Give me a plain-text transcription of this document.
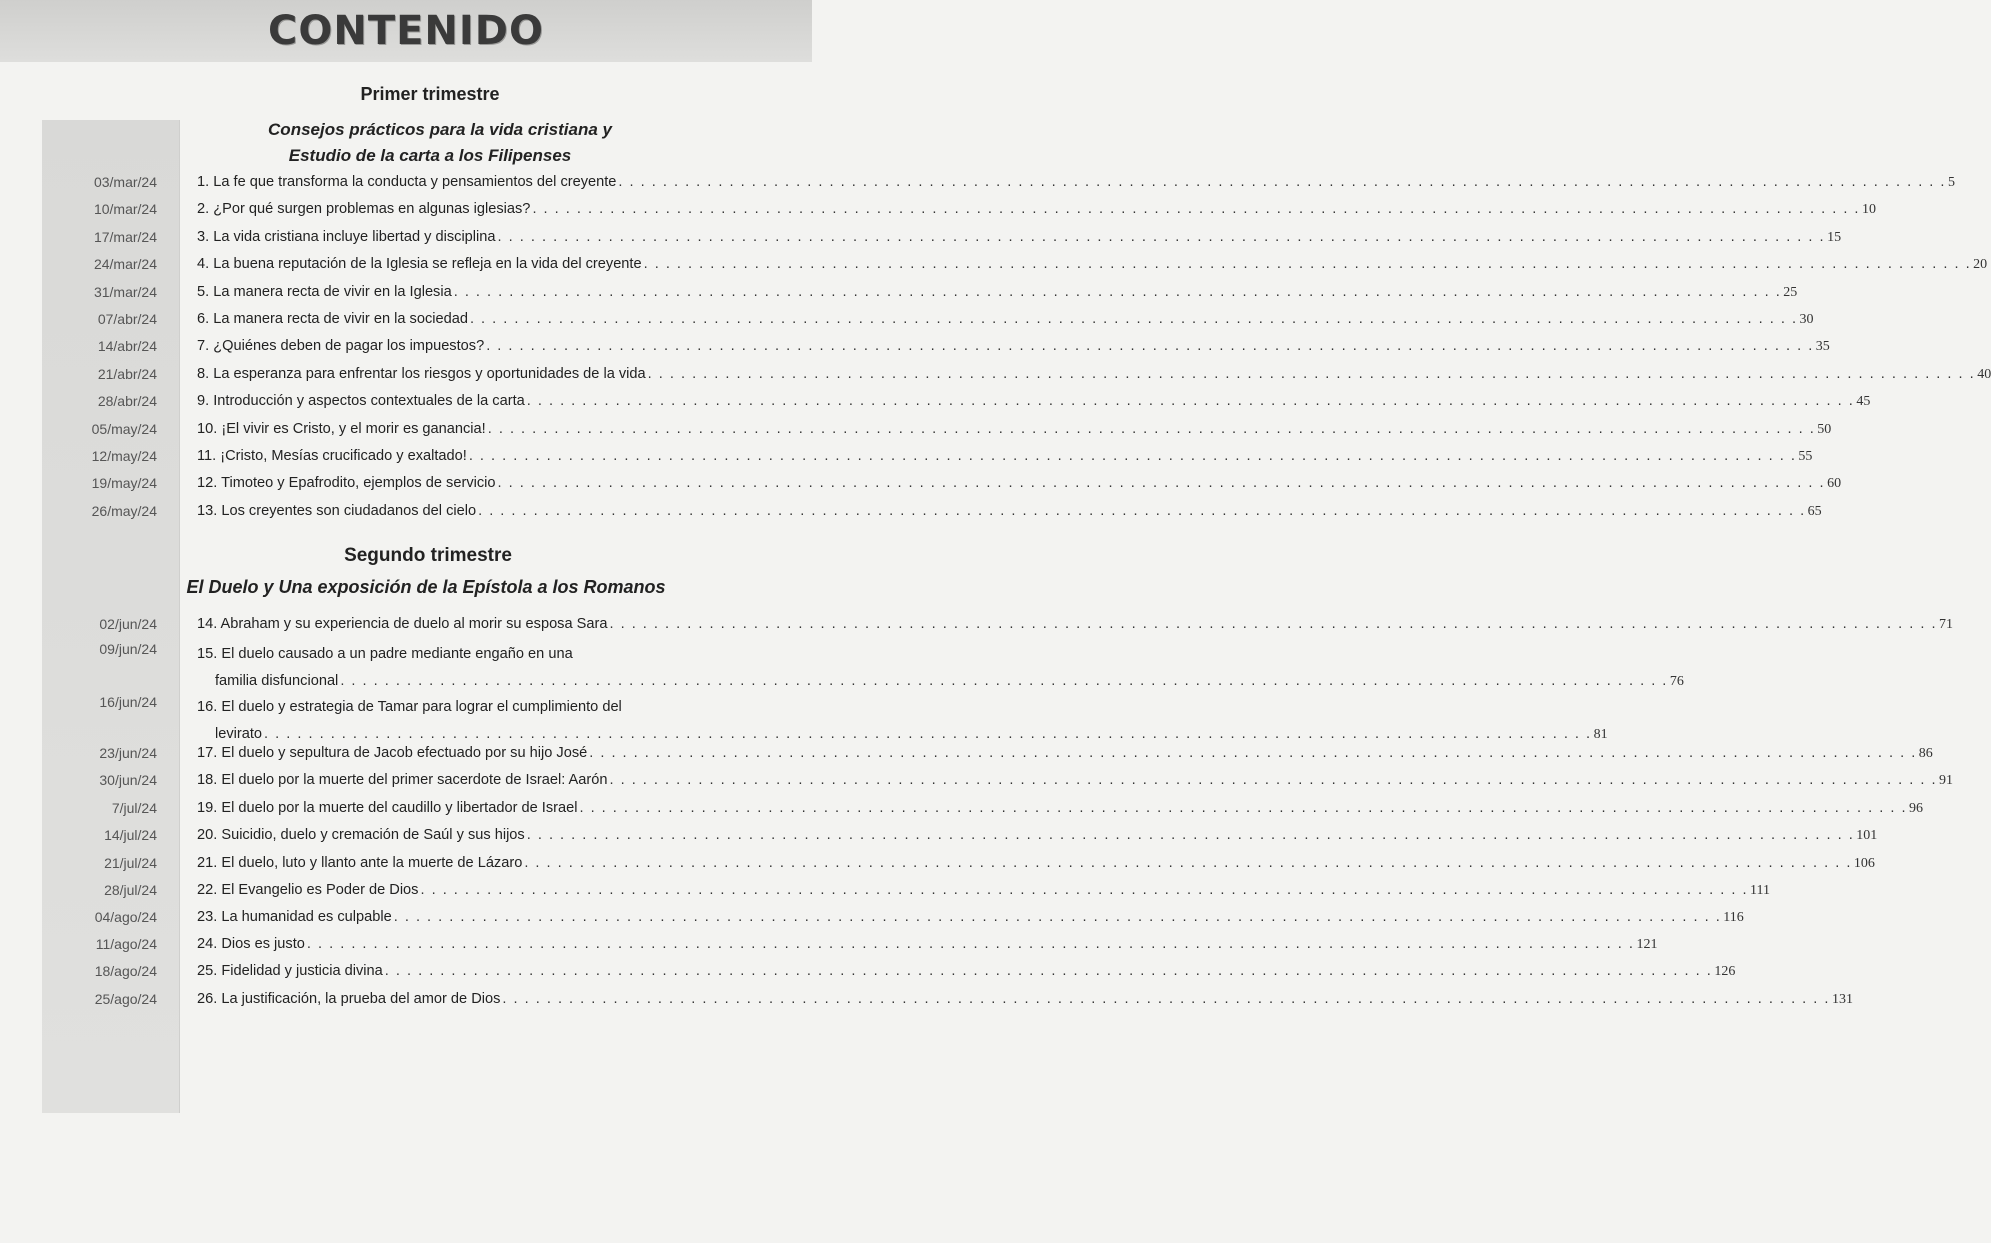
CONTENIDO
Primer trimestre
Consejos prácticos para la vida cristiana y
Estudio de la carta a los Filipenses
03/mar/24	1. La fe que transforma la conducta y pensamientos del creyente . . . . . . . . . . . . . . . . . . . . . . . . . . . . . . . . . . . . . . . . . . . . . . . . . . . . . . . . . . . . . . . . . . . . . . . . . . . . . . . . . . . . . . . . . . . . . . . . . . . . . . . . . . . . . . . . . . . . . . . . 5
10/mar/24	2. ¿Por qué surgen problemas en algunas iglesias? . . . . . . . . . . . . . . . . . . . . . . . . . . . . . . . . . . . . . . . . . . . . . . . . . . . . . . . . . . . . . . . . . . . . . . . . . . . . . . . . . . . . . . . . . . . . . . . . . . . . . . . . . . . . . . . . . . . . . . . . 10
17/mar/24	3. La vida cristiana incluye libertad y disciplina . . . . . . . . . . . . . . . . . . . . . . . . . . . . . . . . . . . . . . . . . . . . . . . . . . . . . . . . . . . . . . . . . . . . . . . . . . . . . . . . . . . . . . . . . . . . . . . . . . . . . . . . . . . . . . . . . . . . . . . . 15
24/mar/24	4. La buena reputación de la Iglesia se refleja en la vida del creyente . . . . . . . . . . . . . . . . . . . . . . . . . . . . . . . . . . . . . . . . . . . . . . . . . . . . . . . . . . . . . . . . . . . . . . . . . . . . . . . . . . . . . . . . . . . . . . . . . . . . . . . . . . . . . . . . . . . . . . . . 20
31/mar/24	5. La manera recta de vivir en la Iglesia . . . . . . . . . . . . . . . . . . . . . . . . . . . . . . . . . . . . . . . . . . . . . . . . . . . . . . . . . . . . . . . . . . . . . . . . . . . . . . . . . . . . . . . . . . . . . . . . . . . . . . . . . . . . . . . . . . . . . . . . 25
07/abr/24	6. La manera recta de vivir en la sociedad . . . . . . . . . . . . . . . . . . . . . . . . . . . . . . . . . . . . . . . . . . . . . . . . . . . . . . . . . . . . . . . . . . . . . . . . . . . . . . . . . . . . . . . . . . . . . . . . . . . . . . . . . . . . . . . . . . . . . . . . 30
14/abr/24	7. ¿Quiénes deben de pagar los impuestos? . . . . . . . . . . . . . . . . . . . . . . . . . . . . . . . . . . . . . . . . . . . . . . . . . . . . . . . . . . . . . . . . . . . . . . . . . . . . . . . . . . . . . . . . . . . . . . . . . . . . . . . . . . . . . . . . . . . . . . . . 35
21/abr/24	8. La esperanza para enfrentar los riesgos y oportunidades de la vida . . . . . . . . . . . . . . . . . . . . . . . . . . . . . . . . . . . . . . . . . . . . . . . . . . . . . . . . . . . . . . . . . . . . . . . . . . . . . . . . . . . . . . . . . . . . . . . . . . . . . . . . . . . . . . . . . . . . . . . . 40
28/abr/24	9. Introducción y aspectos contextuales de la carta . . . . . . . . . . . . . . . . . . . . . . . . . . . . . . . . . . . . . . . . . . . . . . . . . . . . . . . . . . . . . . . . . . . . . . . . . . . . . . . . . . . . . . . . . . . . . . . . . . . . . . . . . . . . . . . . . . . . . . . . 45
05/may/24	10. ¡El vivir es Cristo, y el morir es ganancia! . . . . . . . . . . . . . . . . . . . . . . . . . . . . . . . . . . . . . . . . . . . . . . . . . . . . . . . . . . . . . . . . . . . . . . . . . . . . . . . . . . . . . . . . . . . . . . . . . . . . . . . . . . . . . . . . . . . . . . . . 50
12/may/24	11. ¡Cristo, Mesías crucificado y exaltado! . . . . . . . . . . . . . . . . . . . . . . . . . . . . . . . . . . . . . . . . . . . . . . . . . . . . . . . . . . . . . . . . . . . . . . . . . . . . . . . . . . . . . . . . . . . . . . . . . . . . . . . . . . . . . . . . . . . . . . . . 55
19/may/24	12. Timoteo y Epafrodito, ejemplos de servicio . . . . . . . . . . . . . . . . . . . . . . . . . . . . . . . . . . . . . . . . . . . . . . . . . . . . . . . . . . . . . . . . . . . . . . . . . . . . . . . . . . . . . . . . . . . . . . . . . . . . . . . . . . . . . . . . . . . . . . . . 60
26/may/24	13. Los creyentes son ciudadanos del cielo . . . . . . . . . . . . . . . . . . . . . . . . . . . . . . . . . . . . . . . . . . . . . . . . . . . . . . . . . . . . . . . . . . . . . . . . . . . . . . . . . . . . . . . . . . . . . . . . . . . . . . . . . . . . . . . . . . . . . . . . 65
Segundo trimestre
El Duelo y Una exposición de la Epístola a los Romanos
02/jun/24	14. Abraham y su experiencia de duelo al morir su esposa Sara . . . . . . . . . . . . . . . . . . . . . . . . . . . . . . . . . . . . . . . . . . . . . . . . . . . . . . . . . . . . . . . . . . . . . . . . . . . . . . . . . . . . . . . . . . . . . . . . . . . . . . . . . . . . . . . . . . . . . . . . 71
09/jun/24	15. El duelo causado a un padre mediante engaño en una
familia disfuncional . . . . . . . . . . . . . . . . . . . . . . . . . . . . . . . . . . . . . . . . . . . . . . . . . . . . . . . . . . . . . . . . . . . . . . . . . . . . . . . . . . . . . . . . . . . . . . . . . . . . . . . . . . . . . . . . . . . . . . . . 76
16/jun/24	16. El duelo y estrategia de Tamar para lograr el cumplimiento del
levirato . . . . . . . . . . . . . . . . . . . . . . . . . . . . . . . . . . . . . . . . . . . . . . . . . . . . . . . . . . . . . . . . . . . . . . . . . . . . . . . . . . . . . . . . . . . . . . . . . . . . . . . . . . . . . . . . . . . . . . . . 81
23/jun/24	17. El duelo y sepultura de Jacob efectuado por su hijo José . . . . . . . . . . . . . . . . . . . . . . . . . . . . . . . . . . . . . . . . . . . . . . . . . . . . . . . . . . . . . . . . . . . . . . . . . . . . . . . . . . . . . . . . . . . . . . . . . . . . . . . . . . . . . . . . . . . . . . . . 86
30/jun/24	18. El duelo por la muerte del primer sacerdote de Israel: Aarón . . . . . . . . . . . . . . . . . . . . . . . . . . . . . . . . . . . . . . . . . . . . . . . . . . . . . . . . . . . . . . . . . . . . . . . . . . . . . . . . . . . . . . . . . . . . . . . . . . . . . . . . . . . . . . . . . . . . . . . . 91
7/jul/24	19. El duelo por la muerte del caudillo y libertador de Israel . . . . . . . . . . . . . . . . . . . . . . . . . . . . . . . . . . . . . . . . . . . . . . . . . . . . . . . . . . . . . . . . . . . . . . . . . . . . . . . . . . . . . . . . . . . . . . . . . . . . . . . . . . . . . . . . . . . . . . . . 96
14/jul/24	20. Suicidio, duelo y cremación de Saúl y sus hijos . . . . . . . . . . . . . . . . . . . . . . . . . . . . . . . . . . . . . . . . . . . . . . . . . . . . . . . . . . . . . . . . . . . . . . . . . . . . . . . . . . . . . . . . . . . . . . . . . . . . . . . . . . . . . . . . . . . . . . . . 101
21/jul/24	21. El duelo, luto y llanto ante la muerte de Lázaro . . . . . . . . . . . . . . . . . . . . . . . . . . . . . . . . . . . . . . . . . . . . . . . . . . . . . . . . . . . . . . . . . . . . . . . . . . . . . . . . . . . . . . . . . . . . . . . . . . . . . . . . . . . . . . . . . . . . . . . . 106
28/jul/24	22. El Evangelio es Poder de Dios . . . . . . . . . . . . . . . . . . . . . . . . . . . . . . . . . . . . . . . . . . . . . . . . . . . . . . . . . . . . . . . . . . . . . . . . . . . . . . . . . . . . . . . . . . . . . . . . . . . . . . . . . . . . . . . . . . . . . . . . 111
04/ago/24	23. La humanidad es culpable . . . . . . . . . . . . . . . . . . . . . . . . . . . . . . . . . . . . . . . . . . . . . . . . . . . . . . . . . . . . . . . . . . . . . . . . . . . . . . . . . . . . . . . . . . . . . . . . . . . . . . . . . . . . . . . . . . . . . . . . 116
11/ago/24	24. Dios es justo . . . . . . . . . . . . . . . . . . . . . . . . . . . . . . . . . . . . . . . . . . . . . . . . . . . . . . . . . . . . . . . . . . . . . . . . . . . . . . . . . . . . . . . . . . . . . . . . . . . . . . . . . . . . . . . . . . . . . . . . 121
18/ago/24	25. Fidelidad y justicia divina . . . . . . . . . . . . . . . . . . . . . . . . . . . . . . . . . . . . . . . . . . . . . . . . . . . . . . . . . . . . . . . . . . . . . . . . . . . . . . . . . . . . . . . . . . . . . . . . . . . . . . . . . . . . . . . . . . . . . . . . 126
25/ago/24	26. La justificación, la prueba del amor de Dios . . . . . . . . . . . . . . . . . . . . . . . . . . . . . . . . . . . . . . . . . . . . . . . . . . . . . . . . . . . . . . . . . . . . . . . . . . . . . . . . . . . . . . . . . . . . . . . . . . . . . . . . . . . . . . . . . . . . . . . . 131
